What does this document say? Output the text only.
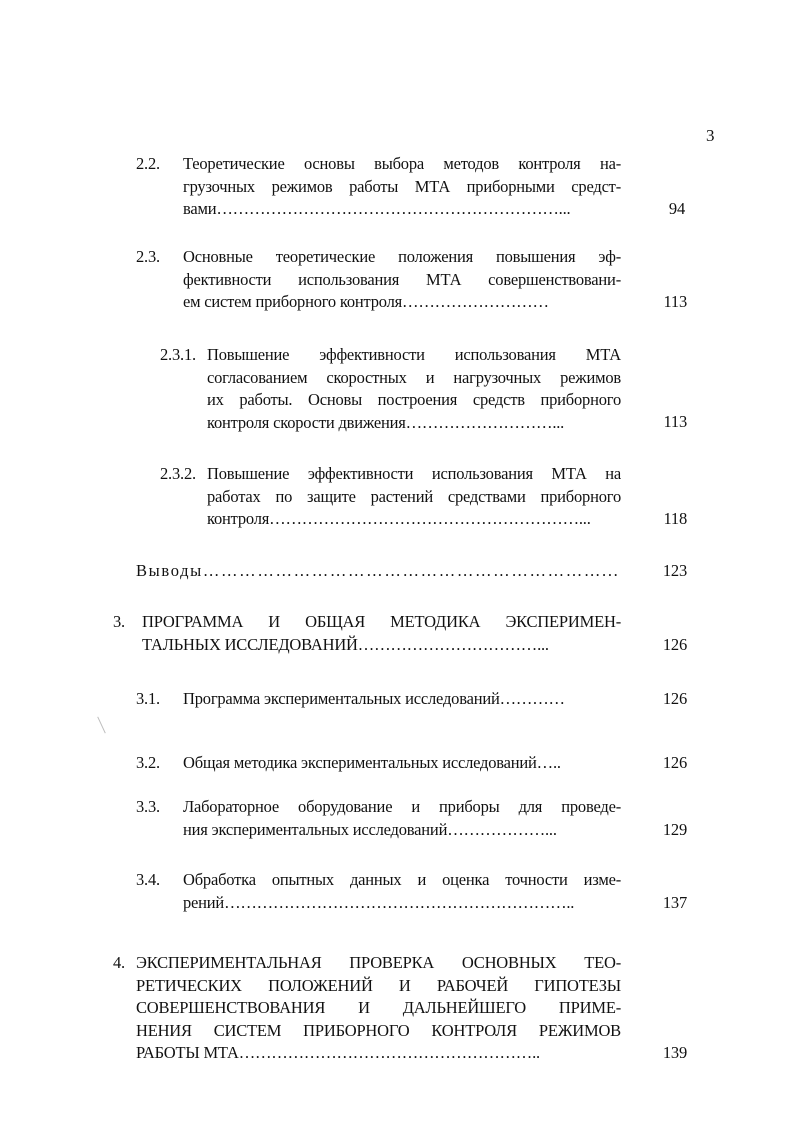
3
2.2. Теоретические основы выбора методов контроля на-
грузочных режимов работы МТА приборными средст-
вами………………………………………………………...	94
2.3. Основные теоретические положения повышения эф-
фективности использования МТА совершенствовани-
ем систем приборного контроля………………………	113
2.3.1. Повышение эффективности использования МТА
согласованием скоростных и нагрузочных режимов
их работы. Основы построения средств приборного
контроля скорости движения………………………...	113
2.3.2. Повышение эффективности использования МТА на
работах по защите растений средствами приборного
контроля…………………………………………………...	118
Выводы…………………………………………………………...	123
3. ПРОГРАММА И ОБЩАЯ МЕТОДИКА ЭКСПЕРИМЕН-
ТАЛЬНЫХ ИССЛЕДОВАНИЙ……………………………...	126
3.1. Программа экспериментальных исследований…………	126
3.2. Общая методика экспериментальных исследований…..	126
3.3. Лабораторное оборудование и приборы для проведе-
ния экспериментальных исследований………………...	129
3.4. Обработка опытных данных и оценка точности изме-
рений………………………………………………………..	137
4. ЭКСПЕРИМЕНТАЛЬНАЯ ПРОВЕРКА ОСНОВНЫХ ТЕО-
РЕТИЧЕСКИХ ПОЛОЖЕНИЙ И РАБОЧЕЙ ГИПОТЕЗЫ
СОВЕРШЕНСТВОВАНИЯ И ДАЛЬНЕЙШЕГО ПРИМЕ-
НЕНИЯ СИСТЕМ ПРИБОРНОГО КОНТРОЛЯ РЕЖИМОВ
РАБОТЫ МТА………………………………………………..	139
